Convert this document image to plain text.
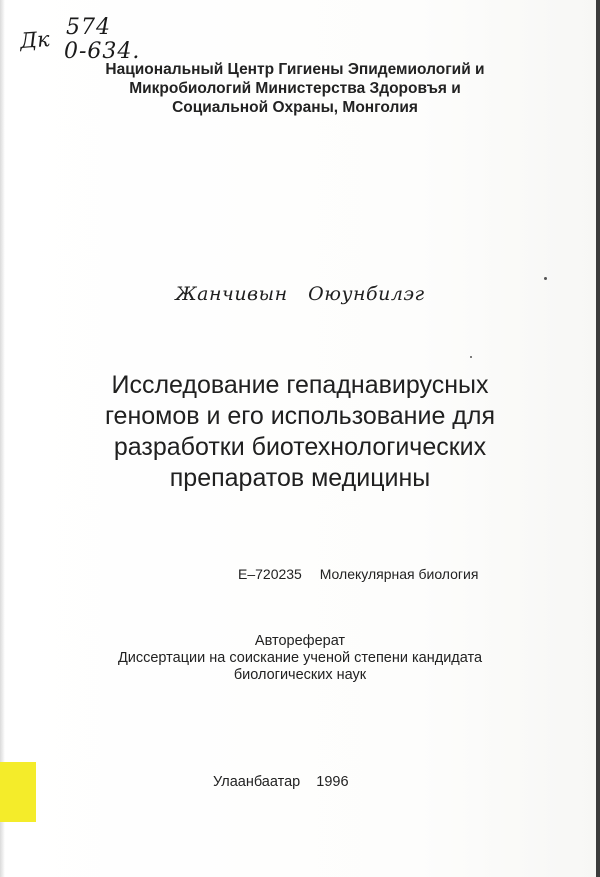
Дк 574
0-634.

Национальный Центр Гигиены Эпидемиологий и
Микробиологий Министерства Здоровъя и
Социальной Охраны, Монголия

Жанчивын Оюунбилэг
Исследование гепаднавирусных
геномов и его использование для
разработки биотехнологических
препаратов медицины
E–720235 Молекулярная биология
Автореферат
Диссертации на соискание ученой степени кандидата
биологических наук
Улаанбаатар 1996
